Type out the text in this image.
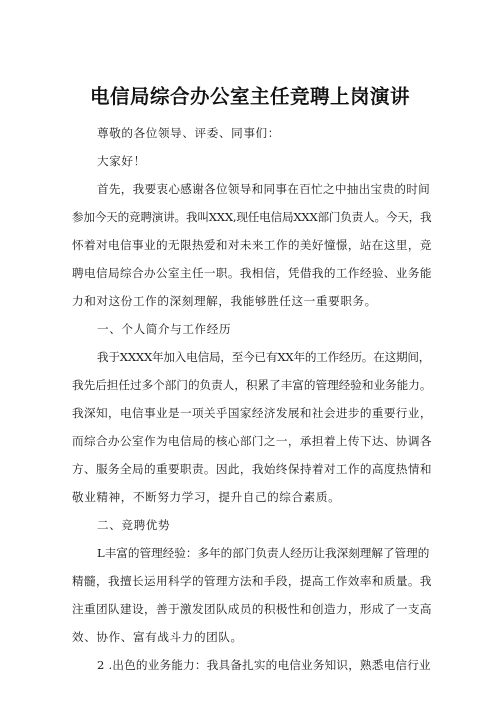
电信局综合办公室主任竞聘上岗演讲
尊敬的各位领导、评委、同事们：
大家好！
首先，我要衷心感谢各位领导和同事在百忙之中抽出宝贵的时间
参加今天的竞聘演讲。我叫XXX,现任电信局XXX部门负责人。今天，我
怀着对电信事业的无限热爱和对未来工作的美好憧憬，站在这里，竞
聘电信局综合办公室主任一职。我相信，凭借我的工作经验、业务能
力和对这份工作的深刻理解，我能够胜任这一重要职务。
一、个人简介与工作经历
我于XXXX年加入电信局，至今已有XX年的工作经历。在这期间，
我先后担任过多个部门的负责人，积累了丰富的管理经验和业务能力。
我深知，电信事业是一项关乎国家经济发展和社会进步的重要行业，
而综合办公室作为电信局的核心部门之一，承担着上传下达、协调各
方、服务全局的重要职责。因此，我始终保持着对工作的高度热情和
敬业精神，不断努力学习，提升自己的综合素质。
二、竞聘优势
L丰富的管理经验：多年的部门负责人经历让我深刻理解了管理的
精髓，我擅长运用科学的管理方法和手段，提高工作效率和质量。我
注重团队建设，善于激发团队成员的积极性和创造力，形成了一支高
效、协作、富有战斗力的团队。
2 .出色的业务能力：我具备扎实的电信业务知识，熟悉电信行业
